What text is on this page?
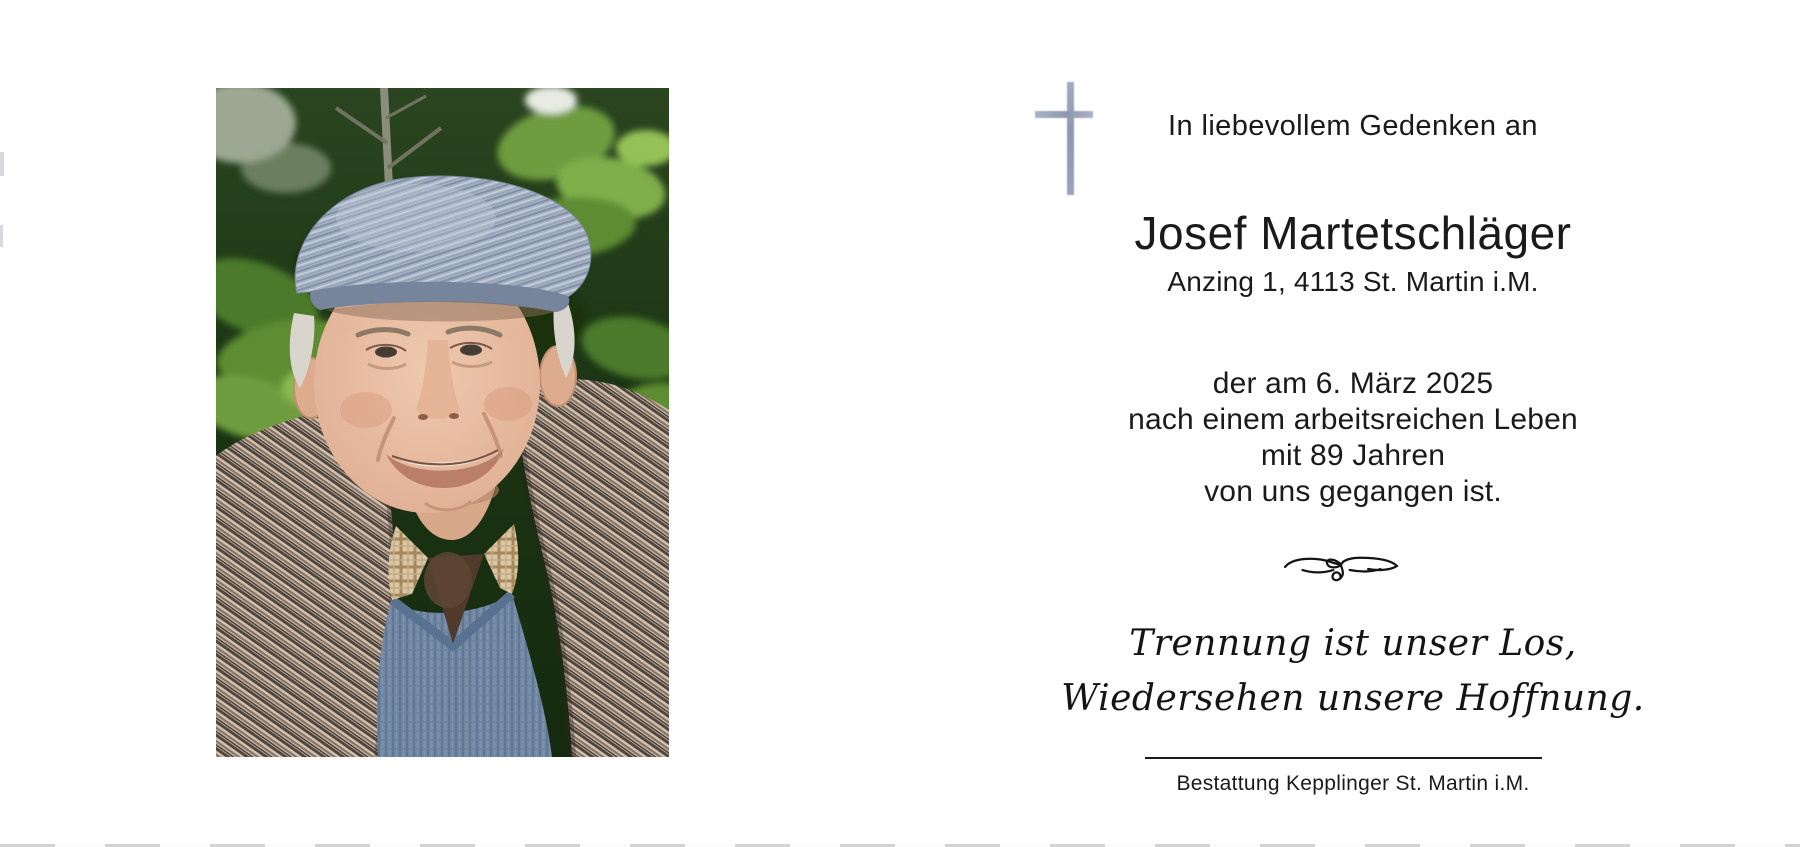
In liebevollem Gedenken an
Josef Martetschläger
Anzing 1, 4113 St. Martin i.M.
der am 6. März 2025
nach einem arbeitsreichen Leben
mit 89 Jahren
von uns gegangen ist.
Trennung ist unser Los,
Wiedersehen unsere Hoffnung.
Bestattung Kepplinger St. Martin i.M.
